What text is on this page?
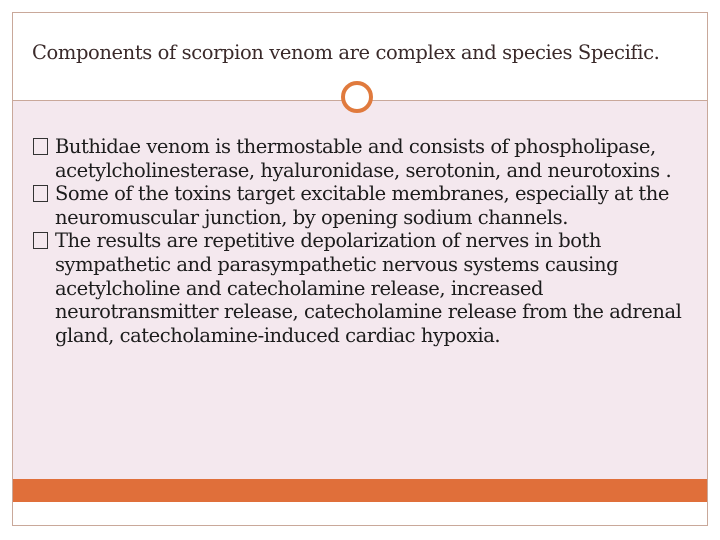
Components of scorpion venom are complex and species Specific.
Buthidae venom is thermostable and consists of phospholipase, acetylcholinesterase, hyaluronidase, serotonin, and neurotoxins .
Some of the toxins target excitable membranes, especially at the neuromuscular junction, by opening sodium channels.
The results are repetitive depolarization of nerves in both sympathetic and parasympathetic nervous systems causing acetylcholine and catecholamine release, increased neurotransmitter release, catecholamine release from the adrenal gland, catecholamine-induced cardiac hypoxia.
